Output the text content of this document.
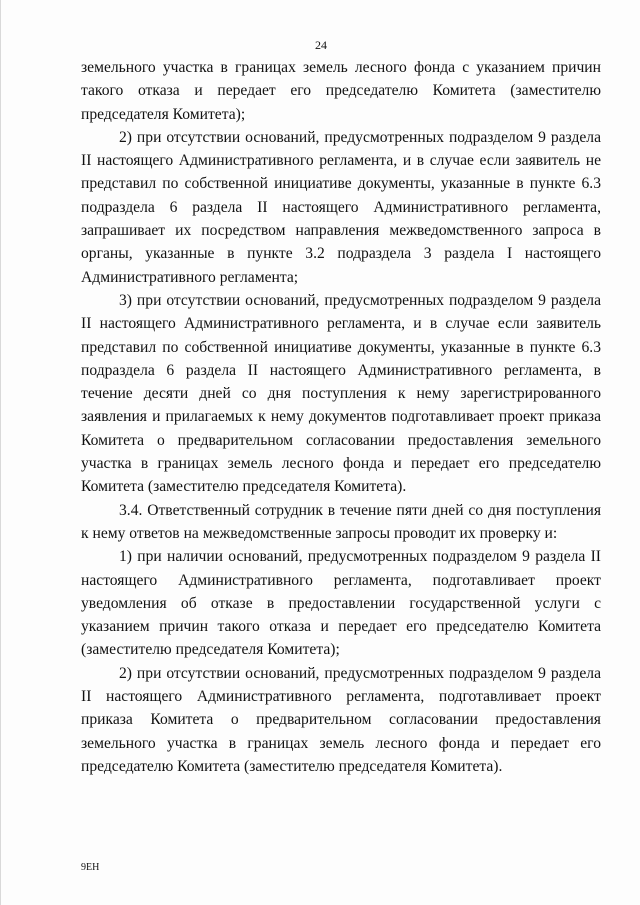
24

земельного участка в границах земель лесного фонда с указанием причин такого отказа и передает его председателю Комитета (заместителю председателя Комитета);

2) при отсутствии оснований, предусмотренных подразделом 9 раздела II настоящего Административного регламента, и в случае если заявитель не представил по собственной инициативе документы, указанные в пункте 6.3 подраздела 6 раздела II настоящего Административного регламента, запрашивает их посредством направления межведомственного запроса в органы, указанные в пункте 3.2 подраздела 3 раздела I настоящего Административного регламента;

3) при отсутствии оснований, предусмотренных подразделом 9 раздела II настоящего Административного регламента, и в случае если заявитель представил по собственной инициативе документы, указанные в пункте 6.3 подраздела 6 раздела II настоящего Административного регламента, в течение десяти дней со дня поступления к нему зарегистрированного заявления и прилагаемых к нему документов подготавливает проект приказа Комитета о предварительном согласовании предоставления земельного участка в границах земель лесного фонда и передает его председателю Комитета (заместителю председателя Комитета).

3.4. Ответственный сотрудник в течение пяти дней со дня поступления к нему ответов на межведомственные запросы проводит их проверку и:

1) при наличии оснований, предусмотренных подразделом 9 раздела II настоящего Административного регламента, подготавливает проект уведомления об отказе в предоставлении государственной услуги с указанием причин такого отказа и передает его председателю Комитета (заместителю председателя Комитета);

2) при отсутствии оснований, предусмотренных подразделом 9 раздела II настоящего Административного регламента, подготавливает проект приказа Комитета о предварительном согласовании предоставления земельного участка в границах земель лесного фонда и передает его председателю Комитета (заместителю председателя Комитета).

9ЕН
